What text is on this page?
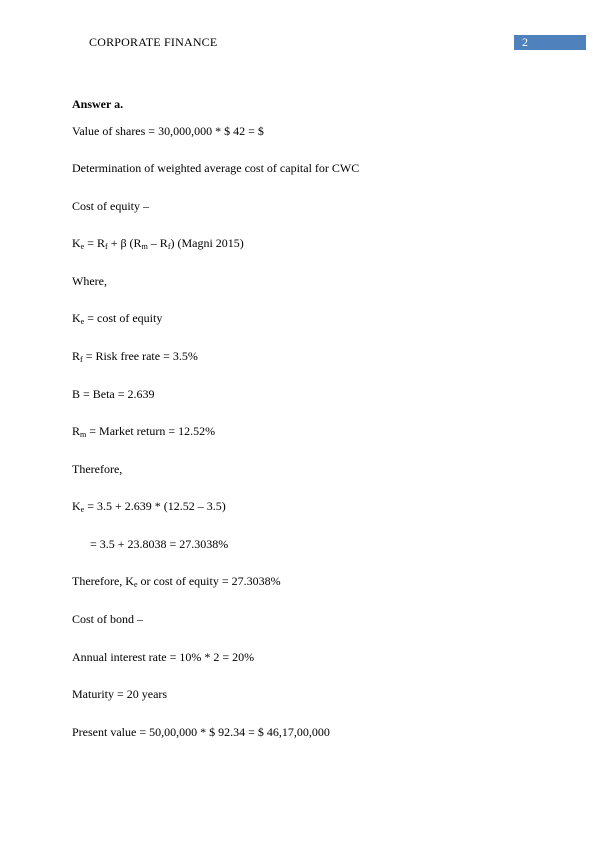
CORPORATE FINANCE	2
Answer a.
Value of shares = 30,000,000 * $ 42 = $
Determination of weighted average cost of capital for CWC
Cost of equity –
$K_e = R_f + \beta$ $(R_m - R_f)$ (Magni 2015)
Where,
$K_e = \cos t$ of equity
$R_f$ = Risk free rate = 3.5%
B = Beta = 2.639
$R_m$ = Market return = 12.52%
Therefore,
$K_e = 3.5 + 2.639 * (12.52 - 3.5)$
= 3.5 + 23.8038 = 27.3038%
Therefore, $K_e$ or cost of equity = 27.3038%
Cost of bond –
Annual interest rate = 10% * 2 = 20%
Maturity = 20 years
Present value = 50,00,000 * $ 92.34 = $ 46,17,00,000
